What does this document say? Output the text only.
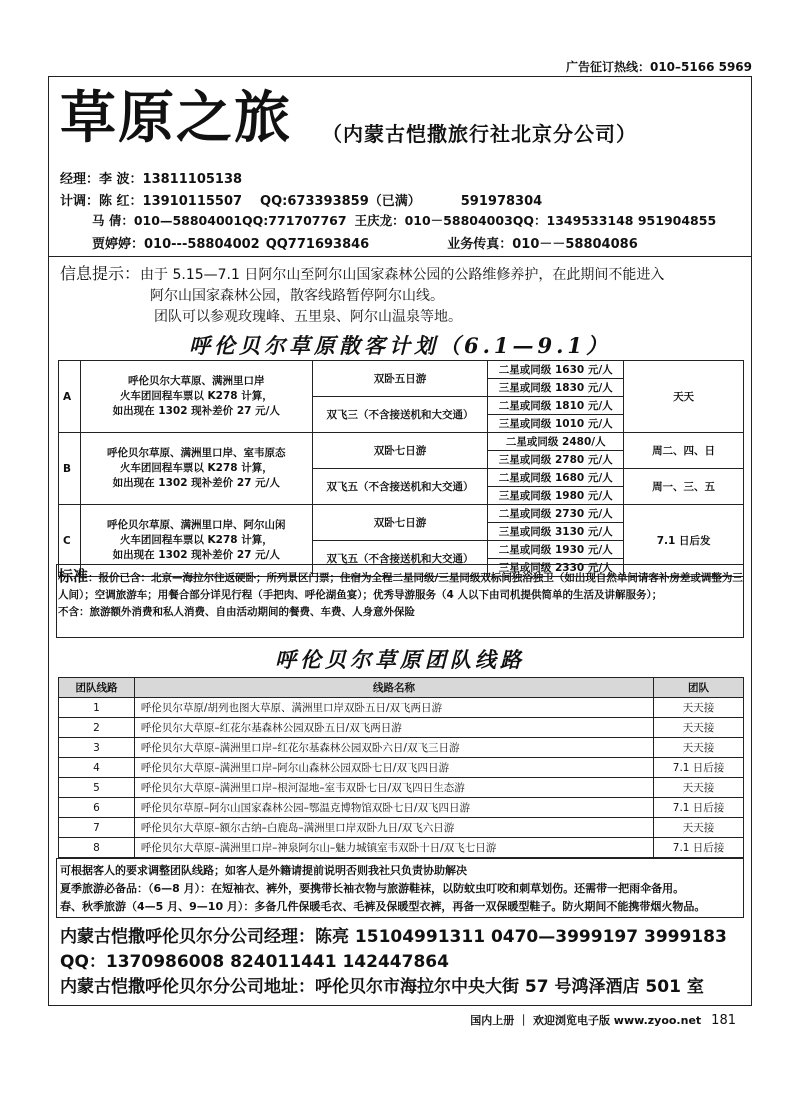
广告征订热线：010–5166 5969
草原之旅 （内蒙古恺撒旅行社北京分公司）
经理：李 波：13811105138
计调：陈 红：13910115507 QQ:673393859（已满）	591978304
马 倩：010—58804001QQ:771707767 王庆龙：010－58804003QQ：1349533148 951904855
贾婷婷：010---58804002 QQ771693846	业务传真：010－－58804086
信息提示：由于 5.15—7.1 日阿尔山至阿尔山国家森林公园的公路维修养护，在此期间不能进入
阿尔山国家森林公园，散客线路暂停阿尔山线。
团队可以参观玫瑰峰、五里泉、阿尔山温泉等地。
呼伦贝尔草原散客计划（6.1—9.1）
A	呼伦贝尔大草原、满洲里口岸
火车团回程车票以 K278 计算，
如出现在 1302 现补差价 27 元/人	双卧五日游	二星或同级 1630 元/人	天天
			三星或同级 1830 元/人	
		双飞三（不含接送机和大交通）	二星或同级 1810 元/人	
			三星或同级 1010 元/人	
B	呼伦贝尔草原、满洲里口岸、室韦原态
火车团回程车票以 K278 计算，
如出现在 1302 现补差价 27 元/人	双卧七日游	二星或同级 2480/人	周二、四、日
			三星或同级 2780 元/人	
		双飞五（不含接送机和大交通）	二星或同级 1680 元/人	周一、三、五
			三星或同级 1980 元/人	
C	呼伦贝尔草原、满洲里口岸、阿尔山闲
火车团回程车票以 K278 计算，
如出现在 1302 现补差价 27 元/人	双卧七日游	二星或同级 2730 元/人	7.1 日后发
			三星或同级 3130 元/人	
		双飞五（不含接送机和大交通）	二星或同级 1930 元/人	
			三星或同级 2330 元/人	
标准：报价已含：北京—海拉尔往返硬卧；所列景区门票；住宿为全程二星同级/三星同级双标间独浴独卫（如出现自然单间请客补房差或调整为三人间）；空调旅游车；用餐合部分详见行程（手把肉、呼伦湖鱼宴）；优秀导游服务（4 人以下由司机提供简单的生活及讲解服务）；
不含：旅游额外消费和私人消费、自由活动期间的餐费、车费、人身意外保险
呼伦贝尔草原团队线路
团队线路	线路名称	团队
1	呼伦贝尔草原/胡列也图大草原、满洲里口岸双卧五日/双飞两日游	天天接
2	呼伦贝尔大草原–红花尔基森林公园双卧五日/双飞两日游	天天接
3	呼伦贝尔大草原–满洲里口岸–红花尔基森林公园双卧六日/双飞三日游	天天接
4	呼伦贝尔大草原–满洲里口岸–阿尔山森林公园双卧七日/双飞四日游	7.1 日后接
5	呼伦贝尔大草原–满洲里口岸–根河湿地–室韦双卧七日/双飞四日生态游	天天接
6	呼伦贝尔草原–阿尔山国家森林公园–鄂温克博物馆双卧七日/双飞四日游	7.1 日后接
7	呼伦贝尔大草原–额尔古纳–白鹿岛–满洲里口岸双卧九日/双飞六日游	天天接
8	呼伦贝尔大草原–满洲里口岸–神泉阿尔山–魅力城镇室韦双卧十日/双飞七日游	7.1 日后接
可根据客人的要求调整团队线路；如客人是外籍请提前说明否则我社只负责协助解决
夏季旅游必备品：（6—8 月）：在短袖衣、裤外，要携带长袖衣物与旅游鞋袜，以防蚊虫叮咬和刺草划伤。还需带一把雨伞备用。
春、秋季旅游（4—5 月、9—10 月）：多备几件保暖毛衣、毛裤及保暖型衣裤，再备一双保暖型鞋子。防火期间不能携带烟火物品。
内蒙古恺撒呼伦贝尔分公司经理：陈亮 15104991311 0470—3999197 3999183
QQ：1370986008 824011441 142447864
内蒙古恺撒呼伦贝尔分公司地址：呼伦贝尔市海拉尔中央大街 57 号鸿泽酒店 501 室
国内上册 ｜ 欢迎浏览电子版 www.zyoo.net 181
